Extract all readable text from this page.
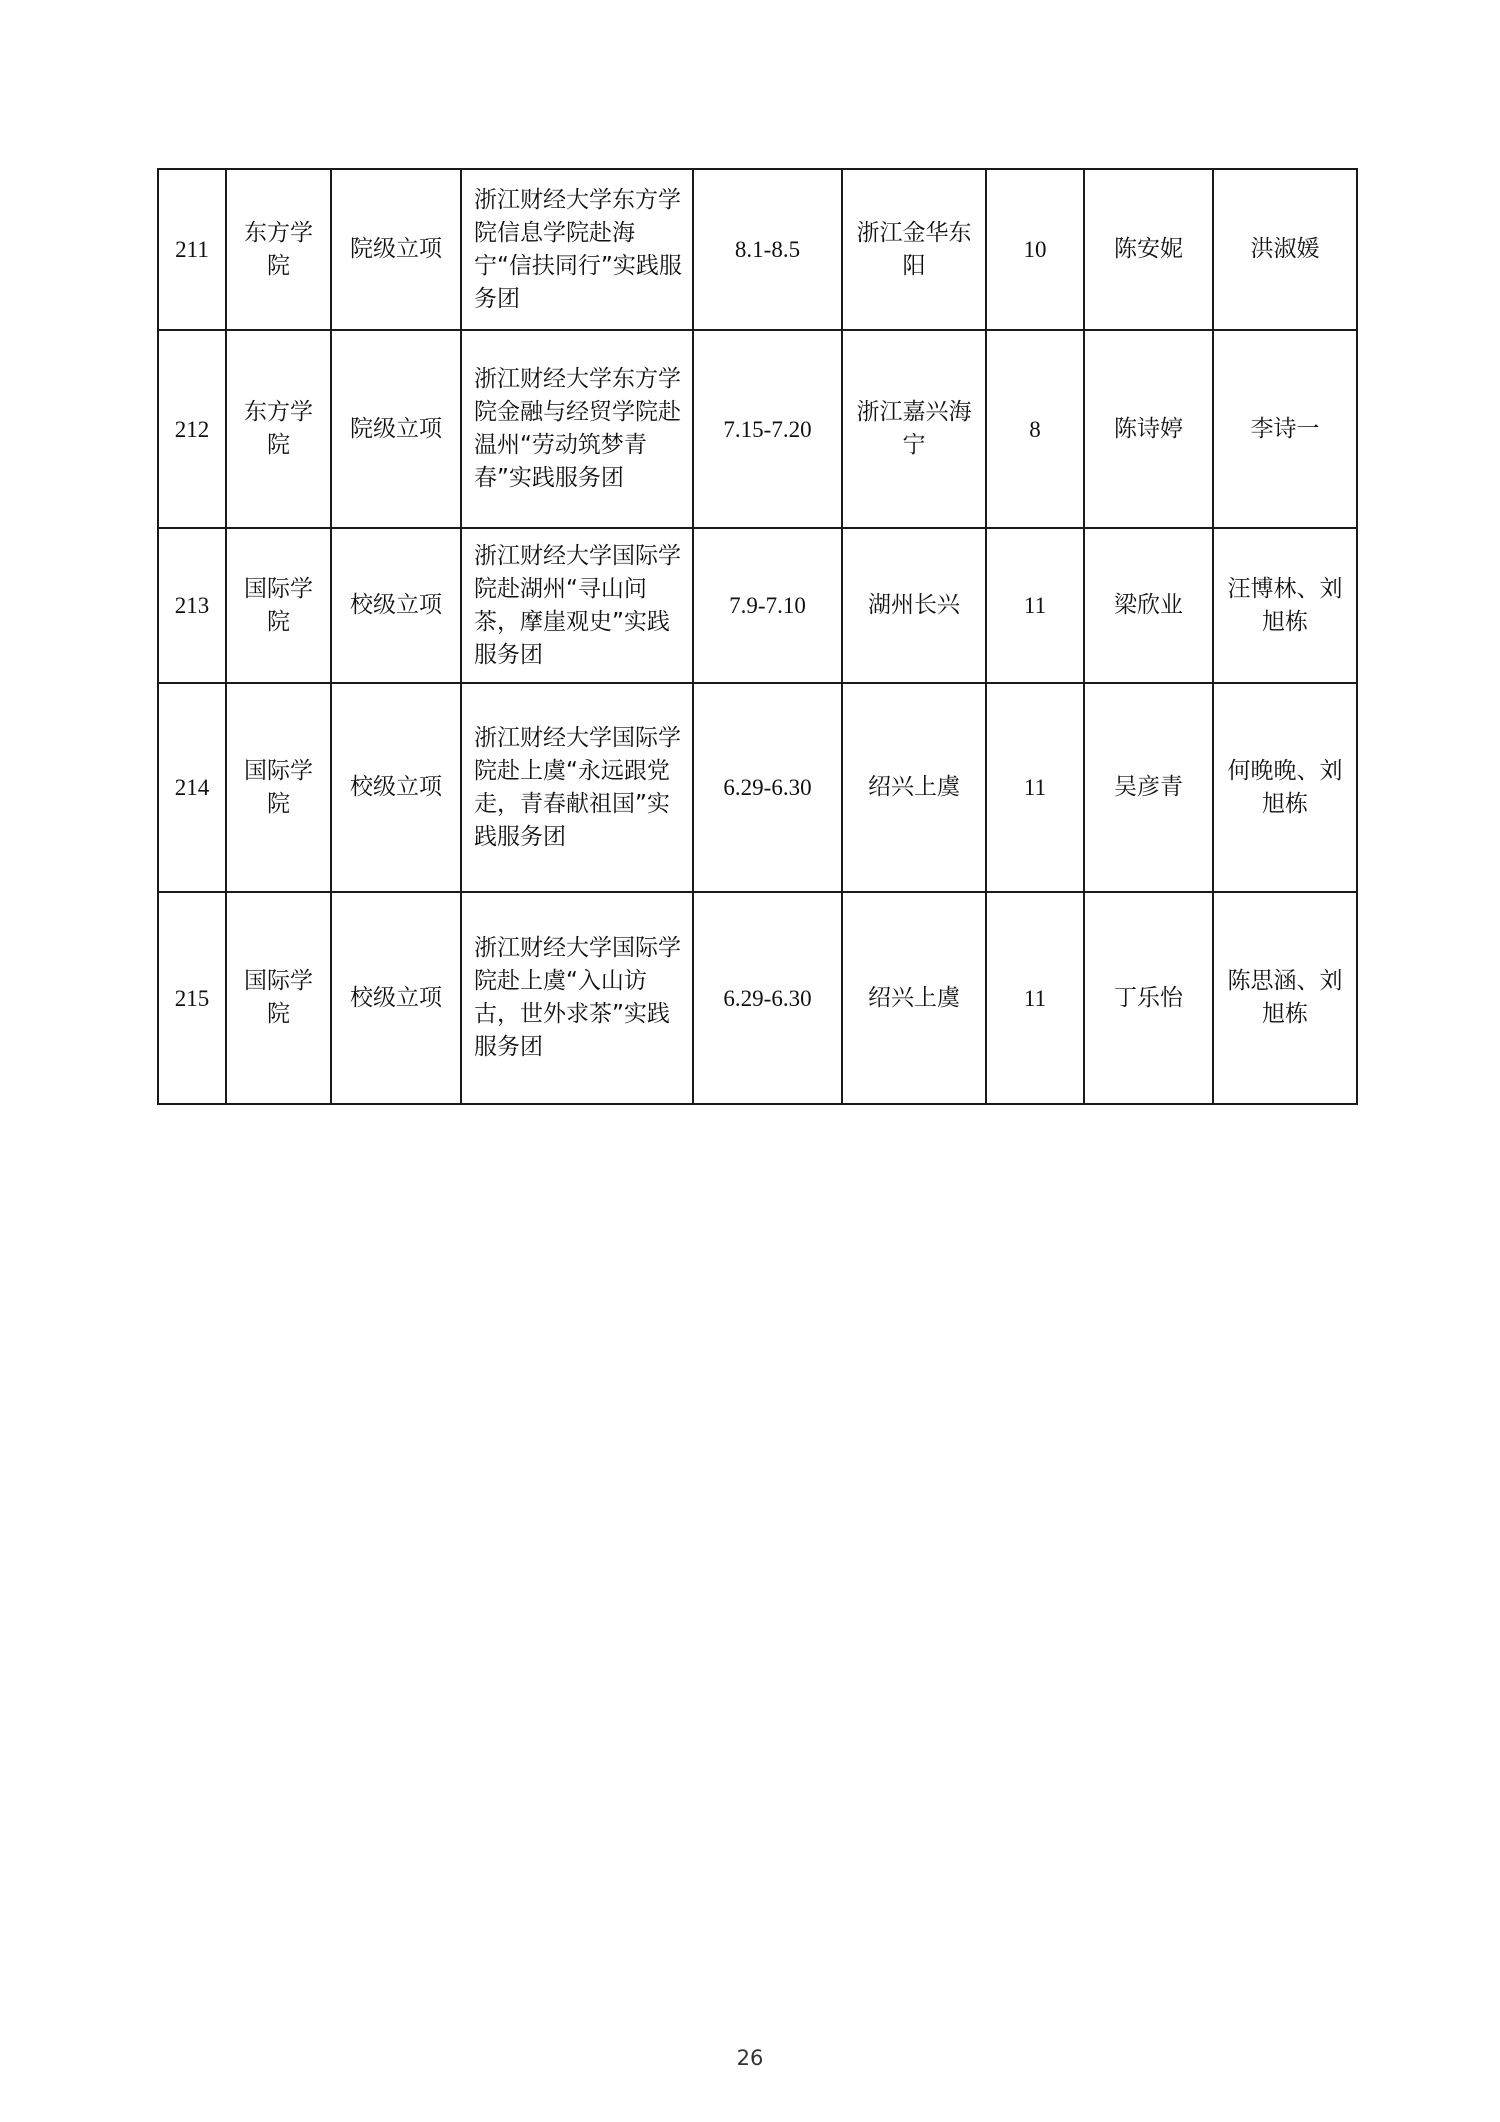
211	东方学院	院级立项	浙江财经大学东方学院信息学院赴海宁“信扶同行”实践服务团	8.1-8.5	浙江金华东阳	10	陈安妮	洪淑媛
212	东方学院	院级立项	浙江财经大学东方学院金融与经贸学院赴温州“劳动筑梦青春”实践服务团	7.15-7.20	浙江嘉兴海宁	8	陈诗婷	李诗一
213	国际学院	校级立项	浙江财经大学国际学院赴湖州“寻山问茶，摩崖观史”实践服务团	7.9-7.10	湖州长兴	11	梁欣业	汪博林、刘旭栋
214	国际学院	校级立项	浙江财经大学国际学院赴上虞“永远跟党走，青春献祖国”实践服务团	6.29-6.30	绍兴上虞	11	吴彦青	何晚晚、刘旭栋
215	国际学院	校级立项	浙江财经大学国际学院赴上虞“入山访古，世外求茶”实践服务团	6.29-6.30	绍兴上虞	11	丁乐怡	陈思涵、刘旭栋
26
